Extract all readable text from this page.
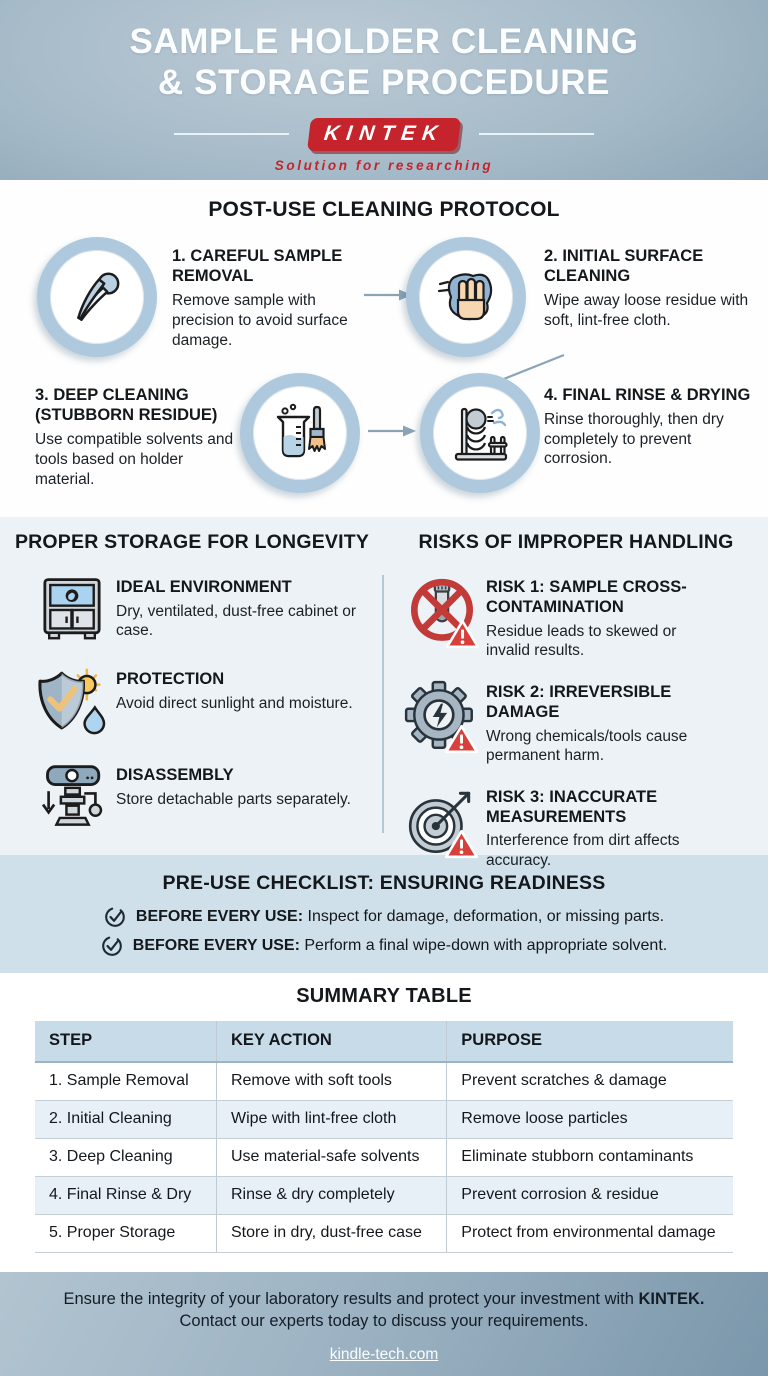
SAMPLE HOLDER CLEANING
& STORAGE PROCEDURE
KINTEK
Solution for researching
POST-USE CLEANING PROTOCOL
1. CAREFUL SAMPLE REMOVAL
Remove sample with precision to avoid surface damage.
2. INITIAL SURFACE CLEANING
Wipe away loose residue with soft, lint-free cloth.
3. DEEP CLEANING (STUBBORN RESIDUE)
Use compatible solvents and tools based on holder material.
4. FINAL RINSE & DRYING
Rinse thoroughly, then dry completely to prevent corrosion.
PROPER STORAGE FOR LONGEVITY
IDEAL ENVIRONMENT
Dry, ventilated, dust-free cabinet or case.
PROTECTION
Avoid direct sunlight and moisture.
DISASSEMBLY
Store detachable parts separately.
RISKS OF IMPROPER HANDLING
RISK 1: SAMPLE CROSS-CONTAMINATION
Residue leads to skewed or invalid results.
RISK 2: IRREVERSIBLE DAMAGE
Wrong chemicals/tools cause permanent harm.
RISK 3: INACCURATE MEASUREMENTS
Interference from dirt affects accuracy.
PRE-USE CHECKLIST: ENSURING READINESS
BEFORE EVERY USE: Inspect for damage, deformation, or missing parts.
BEFORE EVERY USE: Perform a final wipe-down with appropriate solvent.
SUMMARY TABLE
STEP	KEY ACTION	PURPOSE
1. Sample Removal	Remove with soft tools	Prevent scratches & damage
2. Initial Cleaning	Wipe with lint-free cloth	Remove loose particles
3. Deep Cleaning	Use material-safe solvents	Eliminate stubborn contaminants
4. Final Rinse & Dry	Rinse & dry completely	Prevent corrosion & residue
5. Proper Storage	Store in dry, dust-free case	Protect from environmental damage
Ensure the integrity of your laboratory results and protect your investment with KINTEK.
Contact our experts today to discuss your requirements.
kindle-tech.com
